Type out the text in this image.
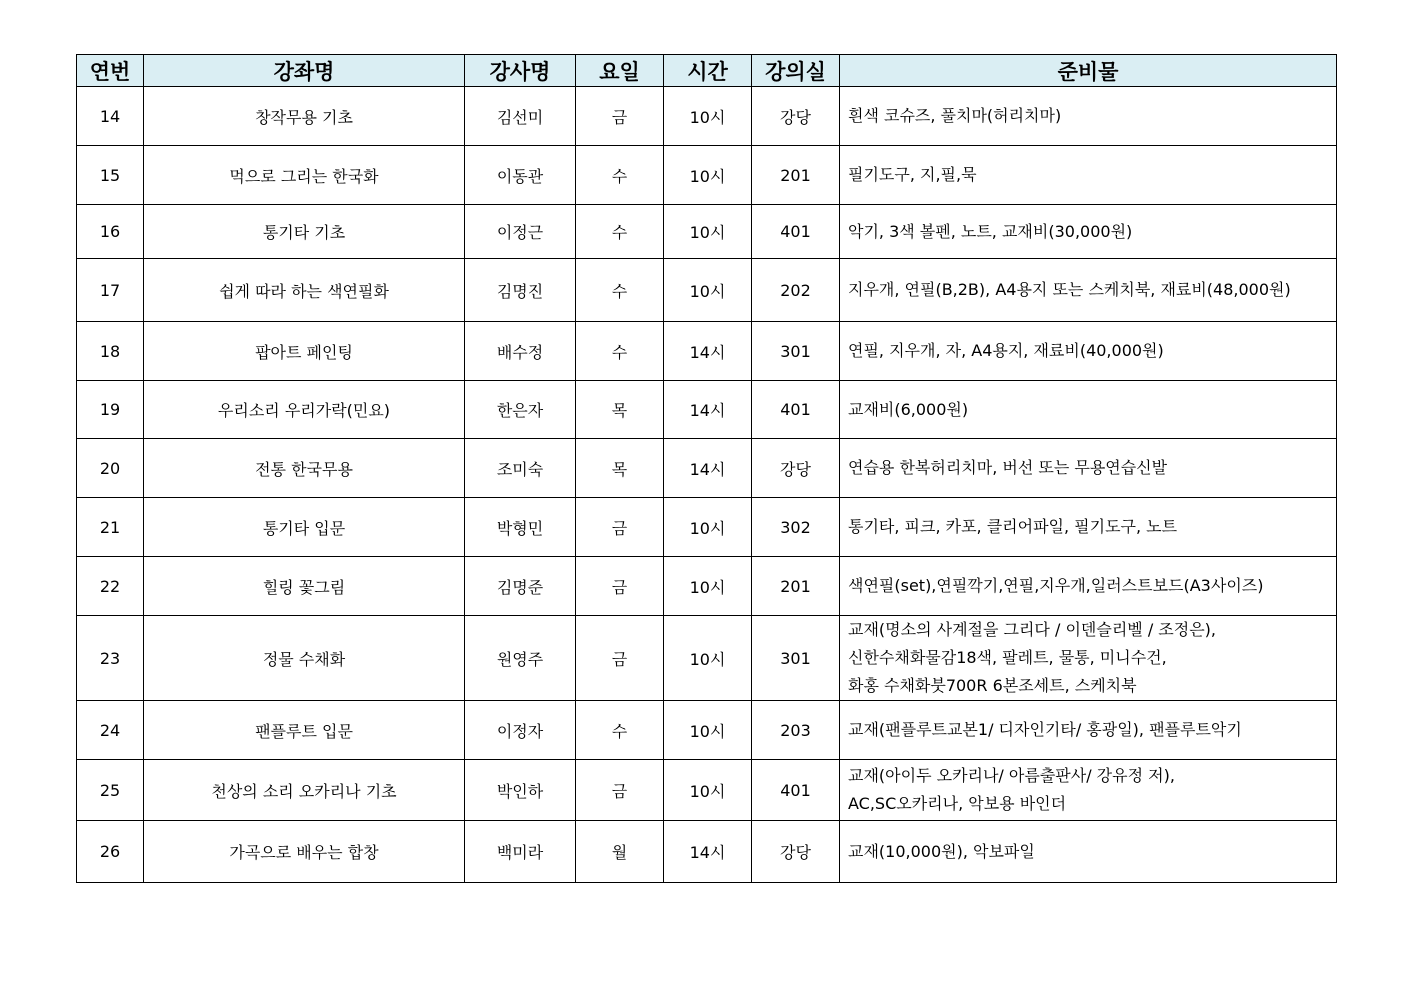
연번	강좌명	강사명	요일	시간	강의실	준비물
14	창작무용 기초	김선미	금	10시	강당	흰색 코슈즈, 풀치마(허리치마)

15	먹으로 그리는 한국화	이동관	수	10시	201	필기도구, 지,필,묵

16	통기타 기초	이정근	수	10시	401	악기, 3색 볼펜, 노트, 교재비(30,000원)

17	쉽게 따라 하는 색연필화	김명진	수	10시	202	지우개, 연필(B,2B), A4용지 또는 스케치북, 재료비(48,000원)

18	팝아트 페인팅	배수정	수	14시	301	연필, 지우개, 자, A4용지, 재료비(40,000원)

19	우리소리 우리가락(민요)	한은자	목	14시	401	교재비(6,000원)

20	전통 한국무용	조미숙	목	14시	강당	연습용 한복허리치마, 버선 또는 무용연습신발

21	통기타 입문	박형민	금	10시	302	통기타, 피크, 카포, 클리어파일, 필기도구, 노트

22	힐링 꽃그림	김명준	금	10시	201	색연필(set),연필깍기,연필,지우개,일러스트보드(A3사이즈)

23	정물 수채화	원영주	금	10시	301	교재(명소의 사계절을 그리다 / 이덴슬리벨 / 조정은),
신한수채화물감18색, 팔레트, 물통, 미니수건,
화홍 수채화붓700R 6본조세트, 스케치북

24	팬플루트 입문	이정자	수	10시	203	교재(팬플루트교본1/ 디자인기타/ 홍광일), 팬플루트악기

25	천상의 소리 오카리나 기초	박인하	금	10시	401	교재(아이두 오카리나/ 아름출판사/ 강유정 저),
AC,SC오카리나, 악보용 바인더

26	가곡으로 배우는 합창	백미라	월	14시	강당	교재(10,000원), 악보파일
